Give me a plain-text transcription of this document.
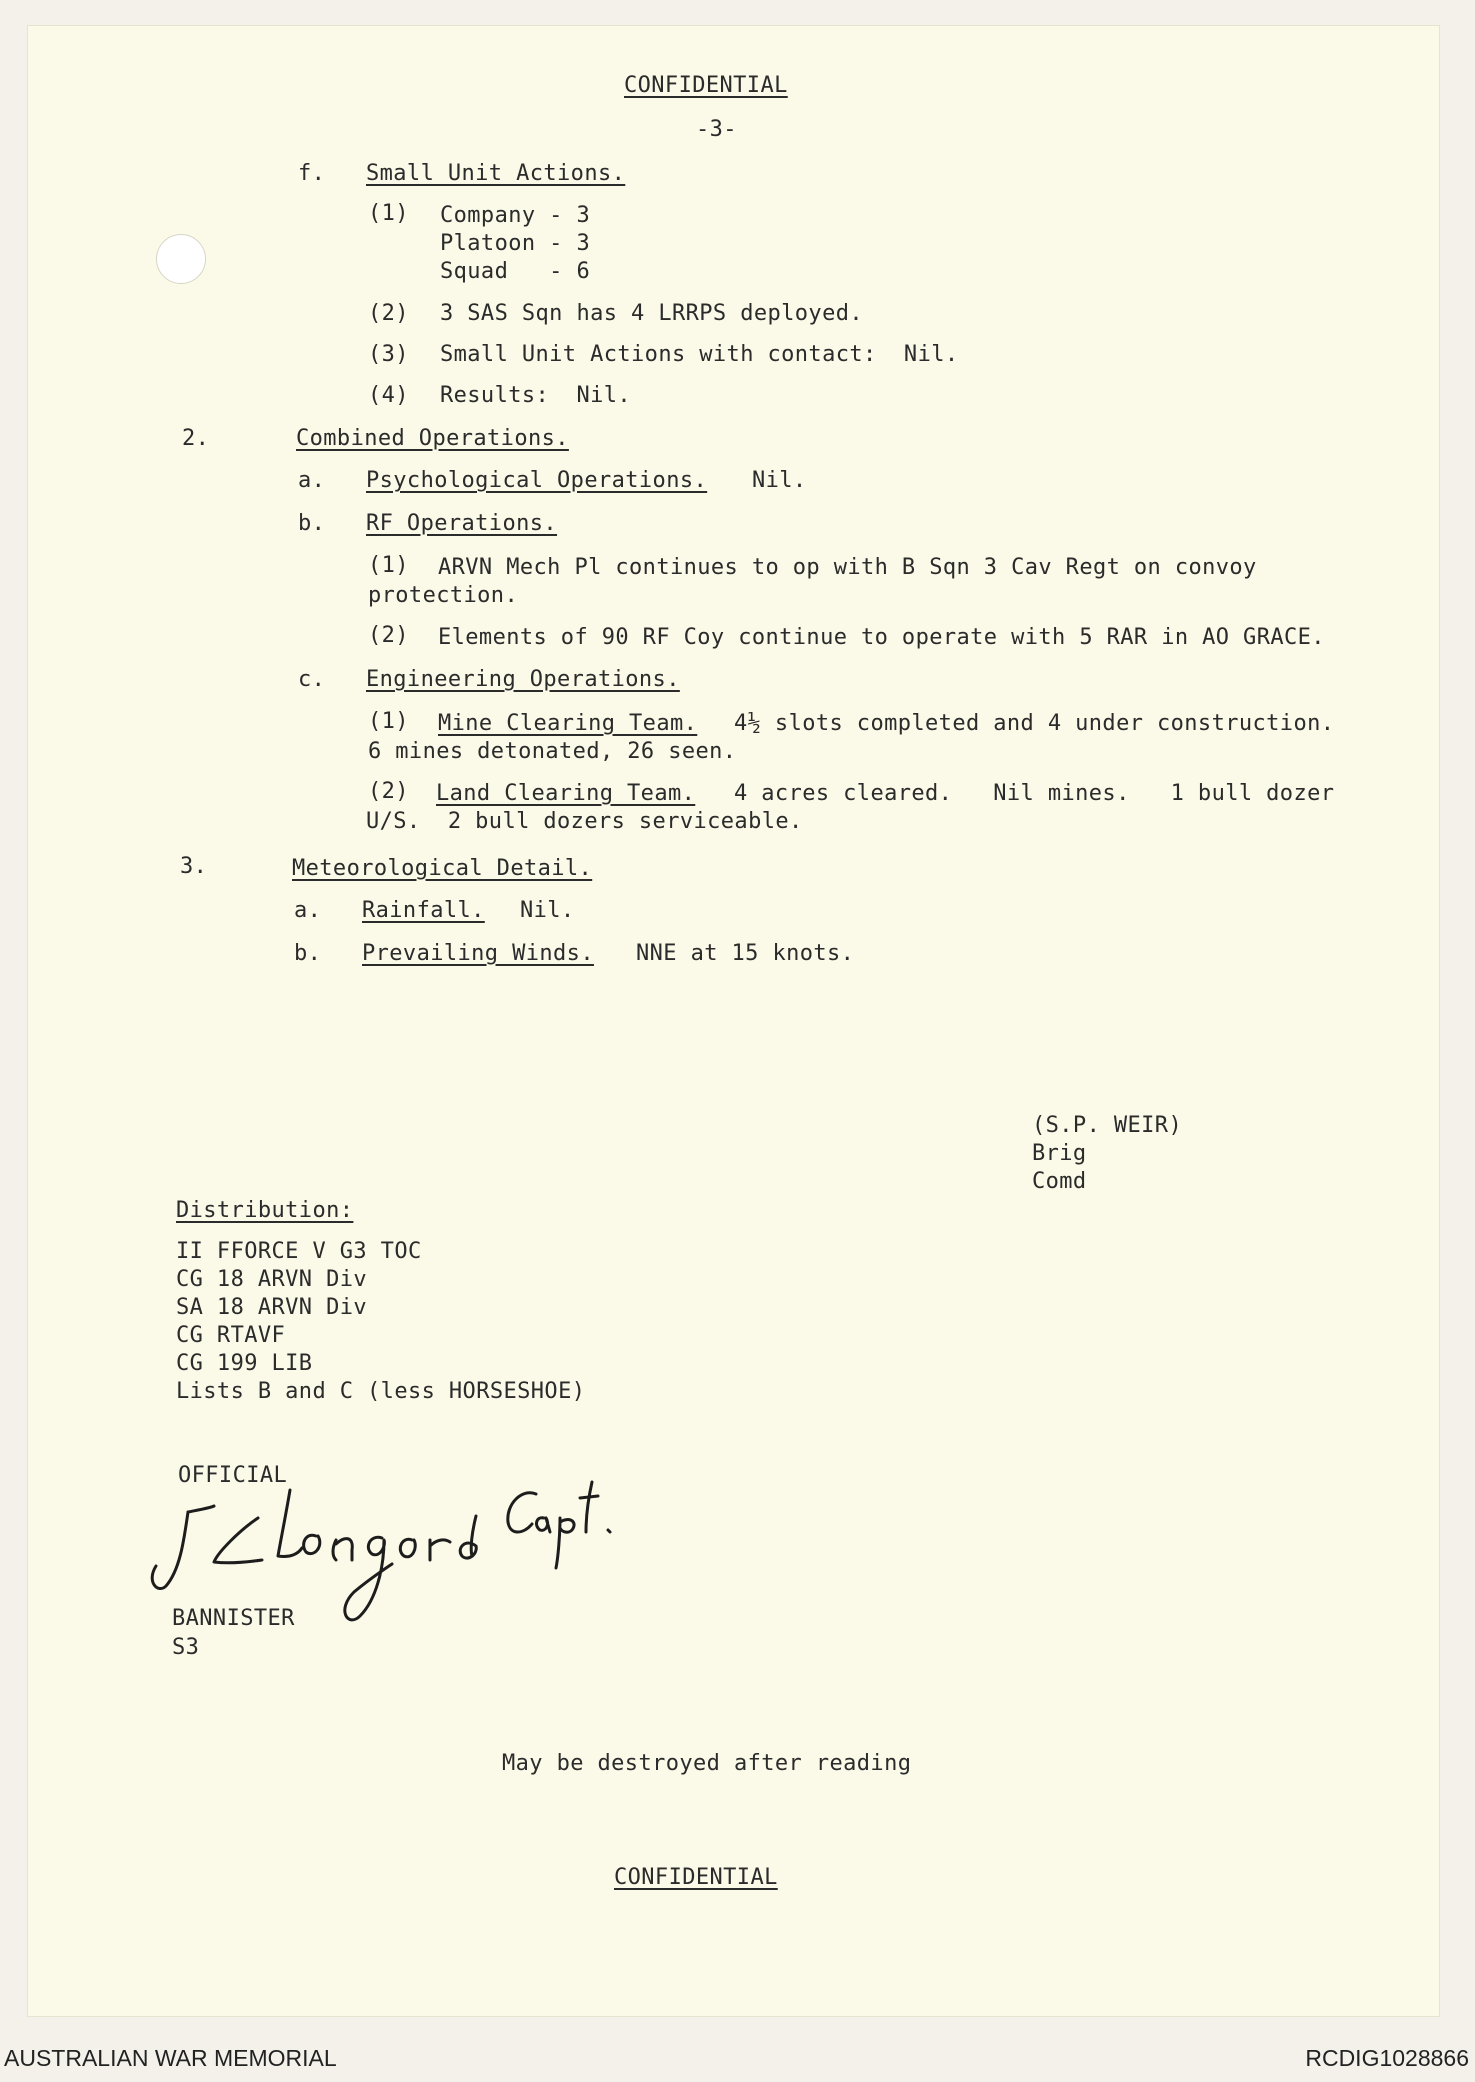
CONFIDENTIAL
-3-
f. Small Unit Actions.
(1) Company - 3
Platoon - 3
Squad   - 6
(2) 3 SAS Sqn has 4 LRRPS deployed.
(3) Small Unit Actions with contact:  Nil.
(4) Results:  Nil.
2.	Combined Operations.
a. Psychological Operations. Nil.
b. RF Operations.
(1) ARVN Mech Pl continues to op with B Sqn 3 Cav Regt on convoy
protection.
(2) Elements of 90 RF Coy continue to operate with 5 RAR in AO GRACE.
c. Engineering Operations.
(1) Mine Clearing Team. 4½ slots completed and 4 under construction.
6 mines detonated, 26 seen.
(2) Land Clearing Team. 4 acres cleared.   Nil mines.   1 bull dozer
U/S.  2 bull dozers serviceable.
3.	Meteorological Detail.
a. Rainfall. Nil.
b. Prevailing Winds. NNE at 15 knots.
(S.P. WEIR)
Brig
Comd
Distribution:
II FFORCE V G3 TOC
CG 18 ARVN Div
SA 18 ARVN Div
CG RTAVF
CG 199 LIB
Lists B and C (less HORSESHOE)
OFFICIAL
BANNISTER
S3
May be destroyed after reading
CONFIDENTIAL
AUSTRALIAN WAR MEMORIAL	RCDIG1028866
